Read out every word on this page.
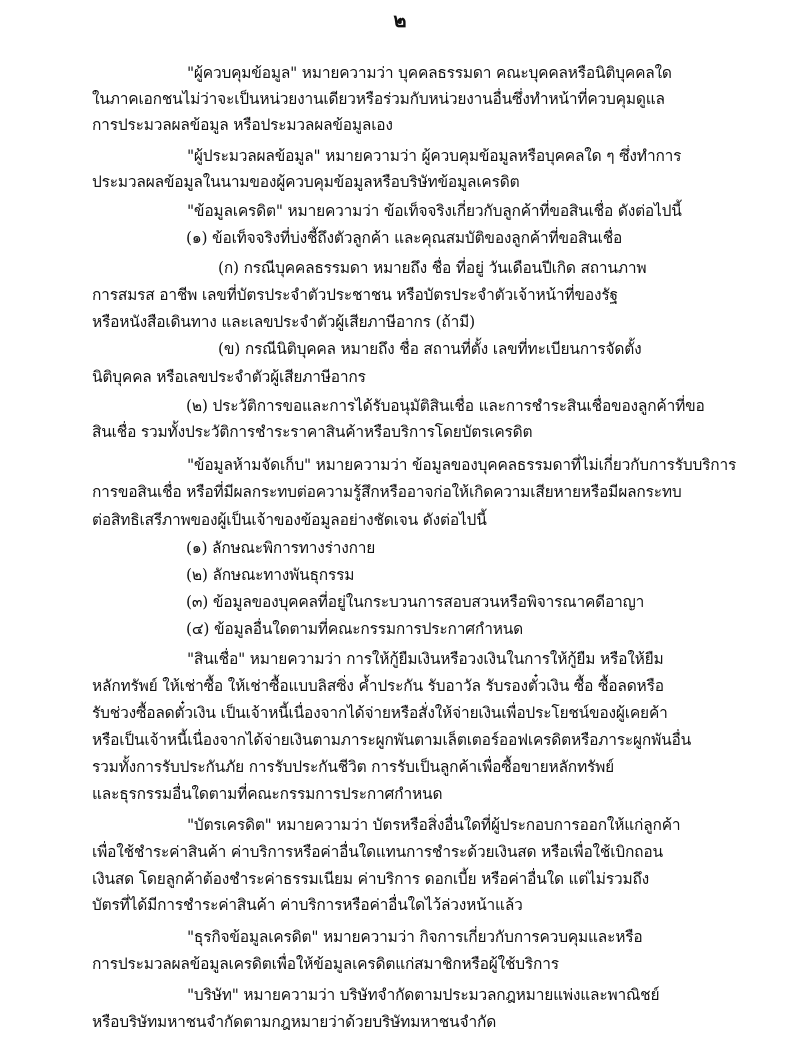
๒
"ผู้ควบคุมข้อมูล" หมายความว่า บุคคลธรรมดา คณะบุคคลหรือนิติบุคคลใด
ในภาคเอกชนไม่ว่าจะเป็นหน่วยงานเดียวหรือร่วมกับหน่วยงานอื่นซึ่งทำหน้าที่ควบคุมดูแล
การประมวลผลข้อมูล หรือประมวลผลข้อมูลเอง
"ผู้ประมวลผลข้อมูล" หมายความว่า ผู้ควบคุมข้อมูลหรือบุคคลใด ๆ ซึ่งทำการ
ประมวลผลข้อมูลในนามของผู้ควบคุมข้อมูลหรือบริษัทข้อมูลเครดิต
"ข้อมูลเครดิต" หมายความว่า ข้อเท็จจริงเกี่ยวกับลูกค้าที่ขอสินเชื่อ ดังต่อไปนี้
(๑) ข้อเท็จจริงที่บ่งชี้ถึงตัวลูกค้า และคุณสมบัติของลูกค้าที่ขอสินเชื่อ
(ก) กรณีบุคคลธรรมดา หมายถึง ชื่อ ที่อยู่ วันเดือนปีเกิด สถานภาพ
การสมรส อาชีพ เลขที่บัตรประจำตัวประชาชน หรือบัตรประจำตัวเจ้าหน้าที่ของรัฐ
หรือหนังสือเดินทาง และเลขประจำตัวผู้เสียภาษีอากร (ถ้ามี)
(ข) กรณีนิติบุคคล หมายถึง ชื่อ สถานที่ตั้ง เลขที่ทะเบียนการจัดตั้ง
นิติบุคคล หรือเลขประจำตัวผู้เสียภาษีอากร
(๒) ประวัติการขอและการได้รับอนุมัติสินเชื่อ และการชำระสินเชื่อของลูกค้าที่ขอ
สินเชื่อ รวมทั้งประวัติการชำระราคาสินค้าหรือบริการโดยบัตรเครดิต
"ข้อมูลห้ามจัดเก็บ" หมายความว่า ข้อมูลของบุคคลธรรมดาที่ไม่เกี่ยวกับการรับบริการ
การขอสินเชื่อ หรือที่มีผลกระทบต่อความรู้สึกหรืออาจก่อให้เกิดความเสียหายหรือมีผลกระทบ
ต่อสิทธิเสรีภาพของผู้เป็นเจ้าของข้อมูลอย่างชัดเจน ดังต่อไปนี้
(๑) ลักษณะพิการทางร่างกาย
(๒) ลักษณะทางพันธุกรรม
(๓) ข้อมูลของบุคคลที่อยู่ในกระบวนการสอบสวนหรือพิจารณาคดีอาญา
(๔) ข้อมูลอื่นใดตามที่คณะกรรมการประกาศกำหนด
"สินเชื่อ" หมายความว่า การให้กู้ยืมเงินหรือวงเงินในการให้กู้ยืม หรือให้ยืม
หลักทรัพย์ ให้เช่าซื้อ ให้เช่าซื้อแบบลิสซิ่ง ค้ำประกัน รับอาวัล รับรองตั๋วเงิน ซื้อ ซื้อลดหรือ
รับช่วงซื้อลดตั๋วเงิน เป็นเจ้าหนี้เนื่องจากได้จ่ายหรือสั่งให้จ่ายเงินเพื่อประโยชน์ของผู้เคยค้า
หรือเป็นเจ้าหนี้เนื่องจากได้จ่ายเงินตามภาระผูกพันตามเล็ตเตอร์ออฟเครดิตหรือภาระผูกพันอื่น
รวมทั้งการรับประกันภัย การรับประกันชีวิต การรับเป็นลูกค้าเพื่อซื้อขายหลักทรัพย์
และธุรกรรมอื่นใดตามที่คณะกรรมการประกาศกำหนด
"บัตรเครดิต" หมายความว่า บัตรหรือสิ่งอื่นใดที่ผู้ประกอบการออกให้แก่ลูกค้า
เพื่อใช้ชำระค่าสินค้า ค่าบริการหรือค่าอื่นใดแทนการชำระด้วยเงินสด หรือเพื่อใช้เบิกถอน
เงินสด โดยลูกค้าต้องชำระค่าธรรมเนียม ค่าบริการ ดอกเบี้ย หรือค่าอื่นใด แต่ไม่รวมถึง
บัตรที่ได้มีการชำระค่าสินค้า ค่าบริการหรือค่าอื่นใดไว้ล่วงหน้าแล้ว
"ธุรกิจข้อมูลเครดิต" หมายความว่า กิจการเกี่ยวกับการควบคุมและหรือ
การประมวลผลข้อมูลเครดิตเพื่อให้ข้อมูลเครดิตแก่สมาชิกหรือผู้ใช้บริการ
"บริษัท" หมายความว่า บริษัทจำกัดตามประมวลกฎหมายแพ่งและพาณิชย์
หรือบริษัทมหาชนจำกัดตามกฎหมายว่าด้วยบริษัทมหาชนจำกัด
